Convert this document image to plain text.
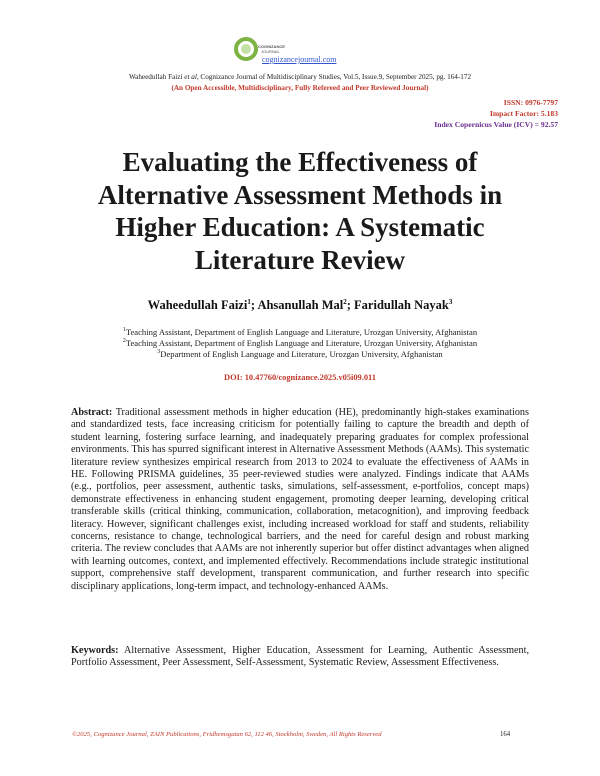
COGNIZANCE
JOURNAL
cognizancejournal.com
Waheedullah Faizi et al, Cognizance Journal of Multidisciplinary Studies, Vol.5, Issue.9, September 2025, pg. 164-172
(An Open Accessible, Multidisciplinary, Fully Refereed and Peer Reviewed Journal)
ISSN: 0976-7797
Impact Factor: 5.183
Index Copernicus Value (ICV) = 92.57
Evaluating the Effectiveness of Alternative Assessment Methods in Higher Education: A Systematic Literature Review
Waheedullah Faizi$^1$; Ahsanullah Mal$^2$; Faridullah Nayak$^3$
$^1$Teaching Assistant, Department of English Language and Literature, Urozgan University, Afghanistan
$^2$Teaching Assistant, Department of English Language and Literature, Urozgan University, Afghanistan
$^3$Department of English Language and Literature, Urozgan University, Afghanistan
DOI: 10.47760/cognizance.2025.v05i09.011
Abstract: Traditional assessment methods in higher education (HE), predominantly high-stakes examinations and standardized tests, face increasing criticism for potentially failing to capture the breadth and depth of student learning, fostering surface learning, and inadequately preparing graduates for complex professional environments. This has spurred significant interest in Alternative Assessment Methods (AAMs). This systematic literature review synthesizes empirical research from 2013 to 2024 to evaluate the effectiveness of AAMs in HE. Following PRISMA guidelines, 35 peer-reviewed studies were analyzed. Findings indicate that AAMs (e.g., portfolios, peer assessment, authentic tasks, simulations, self-assessment, e-portfolios, concept maps) demonstrate effectiveness in enhancing student engagement, promoting deeper learning, developing critical transferable skills (critical thinking, communication, collaboration, metacognition), and improving feedback literacy. However, significant challenges exist, including increased workload for staff and students, reliability concerns, resistance to change, technological barriers, and the need for careful design and robust marking criteria. The review concludes that AAMs are not inherently superior but offer distinct advantages when aligned with learning outcomes, context, and implemented effectively. Recommendations include strategic institutional support, comprehensive staff development, transparent communication, and further research into specific disciplinary applications, long-term impact, and technology-enhanced AAMs.
Keywords: Alternative Assessment, Higher Education, Assessment for Learning, Authentic Assessment, Portfolio Assessment, Peer Assessment, Self-Assessment, Systematic Review, Assessment Effectiveness.
©2025, Cognizance Journal, ZAIN Publications, Fridhemsgatan 62, 112 46, Stockholm, Sweden, All Rights Reserved	164
